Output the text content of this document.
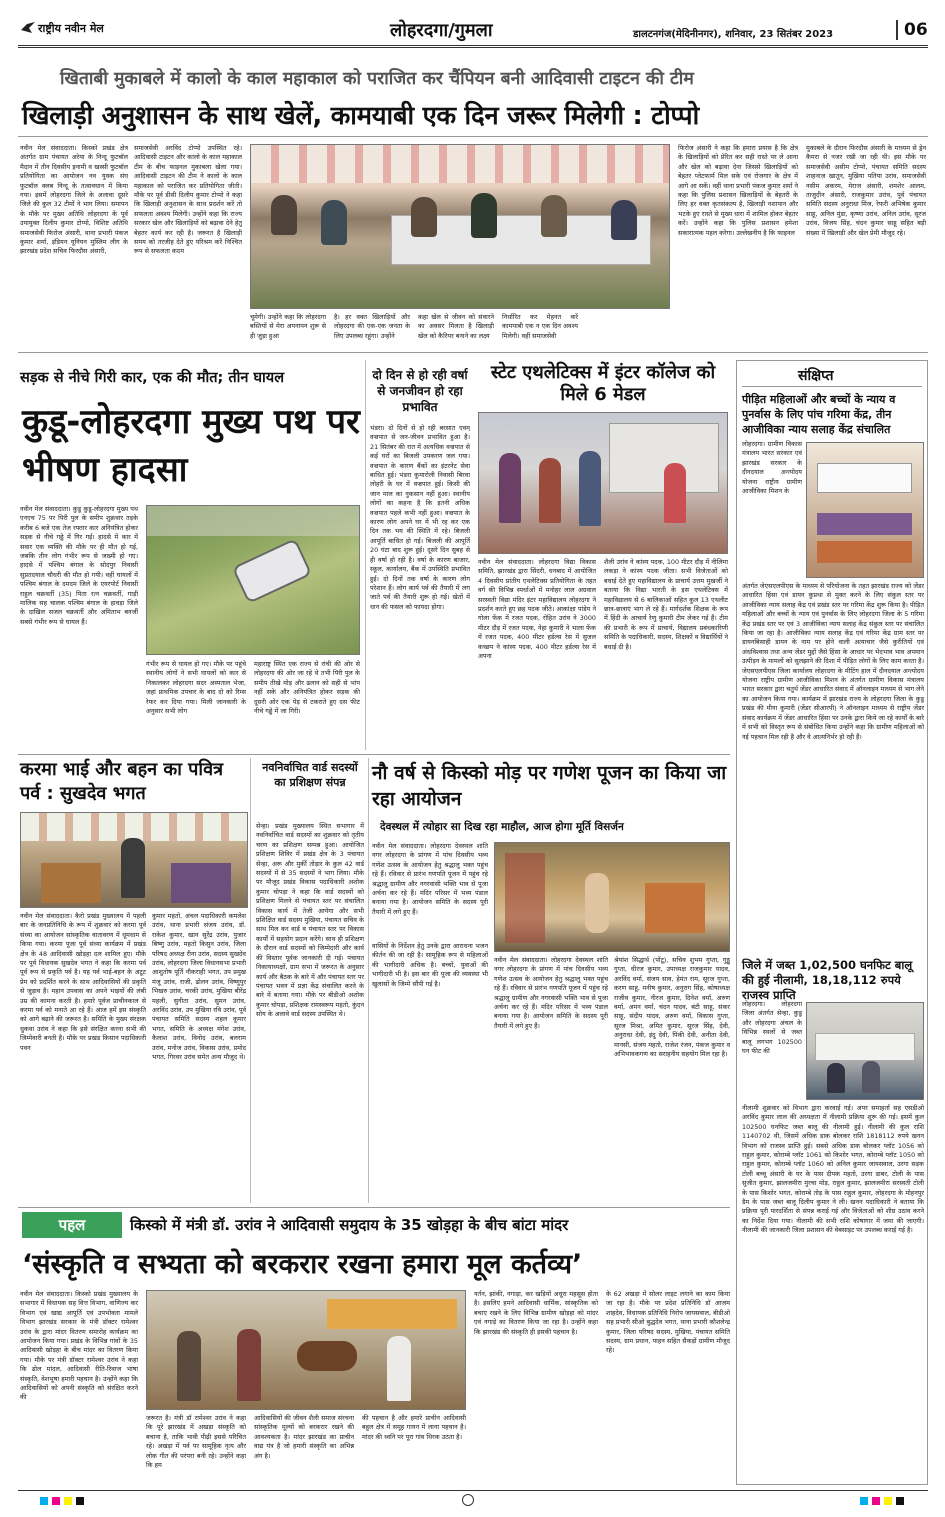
राष्ट्रीय नवीन मेल	लोहरदगा/गुमला	डालटनगंज(मेदिनीनगर), शनिवार, 23 सितंबर 2023	06
खिताबी मुकाबले में कालो के काल महाकाल को पराजित कर चैंपियन बनी आदिवासी टाइटन की टीम
खिलाड़ी अनुशासन के साथ खेलें, कामयाबी एक दिन जरूर मिलेगी : टोप्पो
नवीन मेल संवाददाता। किस्को प्रखंड क्षेत्र अंतर्गत ग्राम पंचायत अरेया के निन्दू फुटबॉल मैदान में तीन दिवसीय इनामी व खस्सी फुटबॉल प्रतियोगिता का आयोजन नव युवक संघ फुटबॉल क्लब निन्दू के तत्वावधान में किया गया। इसमें लोहरदगा जिले के अलावा दूसरे जिले की कुल 32 टीमों ने भाग लिया। समापन के मौके पर मुख्य अतिथि लोहरदगा के पूर्व उपायुक्त दिलीप कुमार टोप्पो, विशिष्ट अतिथि समाजसेवी फिरोज अंसारी, थाना प्रभारी पंकज कुमार शर्मा, इंडियन यूनियन मुस्लिम लीग के झारखंड प्रदेश सचिव फिरदौस अंसारी,
समाजसेवी अरविंद टोप्पो उपस्थित रहे। आदिवासी टाइटन और कालो के काल महाकाल टीम के बीच फाइनल मुकाबला खेला गया। आदिवासी टाइटन की टीम ने कालो के काल महाकाल को पराजित कर प्रतियोगिता जीती। मौके पर पूर्व डीसी दिलीप कुमार टोप्पो ने कहा कि खिलाड़ी अनुशासन के साथ प्रदर्शन करें तो सफलता अवश्य मिलेगी। उन्होंने कहा कि राज्य सरकार खेल और खिलाड़ियों को बढ़ावा देने हेतु बेहतर कार्य कर रही है। जरूरत है खिलाड़ी समय को तरजीह देते हुए परिश्रम करें निश्चित रूप से सफलता कदम
चूमेगी। उन्होंने कहा कि लोहरदगा बस्तियों से मेरा अपनापन शुरू से ही जुड़ा हुआ
है। हर वक्त खिलाड़ियों और लोहरदगा की एक-एक जनता के लिए उपलब्ध रहूंगा। उन्होंने
कहा खेल से जीवन को संवारने का अवसर मिलता है खिलाड़ी खेल को कैरियर बनाने का लक्ष्य
निर्धारित कर मेहनत करें कामयाबी एक न एक दिन अवश्य मिलेगी। वहीं समाजसेवी
फिरोज अंसारी ने कहा कि हमारा प्रयास है कि क्षेत्र के खिलाड़ियों को प्रेरित कर सही रास्ते पर ले आना और खेल को बढ़ावा देना जिससे खिलाड़ियों को बेहतर प्लेटफार्म मिल सके एवं रोजगार के क्षेत्र में आगे आ सकें। वहीं थाना प्रभारी पंकज कुमार शर्मा ने कहा कि पुलिस प्रशासन खिलाड़ियों के बेहतरी के लिए हर वक्त कृतसंकल्प है, खिलाड़ी नशापान और भटके हुए रास्ते से मुख्य धारा में शामिल होकर बेहतर करें। उन्होंने कहा कि पुलिस प्रशासन हमेशा सकारात्मक पहल करेगा। उल्लेखनीय है कि फाइनल
मुकाबले के दौरान फिरदौस अंसारी के माध्यम से ड्रेन कैमरा से नजर रखी जा रही थी। इस मौके पर समाजसेवी असीम टोप्पो, पंचायत समिति सदस्य शाहनाज खातून, मुखिया पतिया उरांव, समाजसेवी नसीम अकरम, मेराज अंसारी, शमशेर आलम, ताजुदीन अंसारी, राजकुमार उरांव, पूर्व पंचायत समिति सदस्य अनुराधा मिंज, रेफरी अभिषेक कुमार साहू, अनिल मुंडा, कृष्णा उरांव, अनिल उरांव, सूरज उरांव, विजय सिंह, चंदन कुमार साहू सहित बड़ी संख्या में खिलाड़ी और खेल प्रेमी मौजूद रहे।
सड़क से नीचे गिरी कार, एक की मौत; तीन घायल
कुडू-लोहरदगा मुख्य पथ पर भीषण हादसा
नवीन मेल संवाददाता। कुडू कुडू-लोहरदगा मुख्य पथ एनएच 75 पर पिरी पुल के समीप शुक्रवार तड़के करीब 6 बजे एक तेज रफ्तार कार अनियंत्रित होकर सड़क से नीचे गढ्ढे में गिर गई। हादसे में कार में सवार एक व्यक्ति की मौके पर ही मौत हो गई, जबकि तीन लोग गंभीर रूप से जख्मी हो गए। हादसे में पश्चिम बंगाल के सोदपुर निवासी सुप्रतदयाल चौधरी की मौत हो गयी। वहीं घायलों में पश्चिम बंगाल के दमदम जिले के एयरपोर्ट निवासी राहुल चक्रवर्ती (35) पिता रत्न चक्रवर्ती, गाड़ी मालिक सह चालक पश्चिम बंगाल के हावड़ा जिले के दाखिल सजल चक्रवर्ती और अमिताभ बनर्जी सबसे गंभीर रूप से घायल हैं।
गंभीर रूप से घायल हो गए। मौके पर पहुंचे स्थानीय लोगों ने सभी घायलों को कार से निकालकर लोहरदगा सदर अस्पताल भेजा, जहां प्राथमिक उपचार के बाद दो को रिम्स रेफर कर दिया गया। मिली जानकारी के अनुसार सभी लोग
महाराष्ट्र स्थित एक राज्य से रांची की ओर से लोहरदगा की ओर जा रहे थे तभी पिरी पुल के समीप तीखे मोड़ और ढलान को सही से भांप नहीं सके और अनियंत्रित होकर सड़क की दूसरी ओर एक पेड़ से टकराते हुए दस फीट नीचे गढ्ढे में जा गिरी।
दो दिन से हो रही वर्षा से जनजीवन हो रहा प्रभावित
भंडरा। दो दिनों से हो रही बरसात एवम् वज्रपात से जन-जीवन प्रभावित हुआ है। 21 सितंबर की रात में अत्यधिक वज्रपात से कई घरों का बिजली उपकरण जल गया। वज्रपात के कारण बैंकों का इंटरनेट सेवा बाधित हुई। भंडरा कुमारोली निवासी बिरवा लोहरी के घर में वज्रपात हुई। किसी की जान माल का नुकसान नहीं हुआ। स्थानीय लोगों का कहना है कि इतनी अधिक वज्रपात पहले कभी नहीं हुआ। वज्रपात के कारण लोग अपने घर में भी रह कर एक दिन तक भय की स्थिति में रहे। बिजली आपूर्ति बाधित हो गई। बिजली की आपूर्ति 20 घंटा बाद शुरू हुई। दूसरे दिन सुबह से ही वर्षा हो रही है। वर्षा के कारण बाजार, स्कूल, कार्यालय, बैंक में उपस्थिति प्रभावित हुई। दो दिनों तक वर्षा के कारण लोग परेशान हैं। लोग कार्य पर्व की तैयारी में लग जाते पर्व की तैयारी शुरू हो गई। खेतों में धान की फसल को फायदा होगा।
स्टेट एथलेटिक्स में इंटर कॉलेज को मिले 6 मेडल
नवीन मेल संवाददाता। लोहरदगा विद्या विकास समिति, झारखंड द्वारा सिंदरी, धनबाद में आयोजित 4 दिवसीय प्रांतीय एथलेटिक्स प्रतियोगिता के तहत वर्ग की विभिन्न स्पर्धाओं में मनोहर लाल अग्रवाल सरस्वती विद्या मंदिर इंटर महाविद्यालय लोहरदगा ने प्रदर्शन करते हुए छह पदक जीते। आकांक्षा पांडेय ने गोला फेंक में रजत पदक, रोहित उरांव ने 3000 मीटर दौड़ में रजत पदक, नेहा कुमारी ने भाला फेंक में रजत पदक, 400 मीटर हर्डल्स रेस में सुजल कच्छप ने कांस्य पदक, 400 मीटर हर्डल्स रेस में अपना
शैली उरांव ने कांस्य पदक, 100 मीटर दौड़ में नीलिमा लकड़ा ने कांस्य पदक जीता। सभी विजेताओं को बधाई देते हुए महाविद्यालय के प्राचार्य उत्तम मुखर्जी ने बताया कि विद्या भारती के इस एथलेटिक्स में महाविद्यालय से 6 बालिकाओं सहित कुल 13 एथलीट छात्र-छात्राएं भाग ले रहे हैं। मार्गदर्शक शिक्षक के रूप में हिंदी के आचार्य रेणु कुमारी टीम लेकर गई हैं। टीम की प्रभारी के रूप में प्राचार्य, विद्यालय प्रबंधकारिणी समिति के पदाधिकारी, सदस्य, शिक्षकों व विद्यार्थियों ने बधाई दी है।
संक्षिप्त
पीड़ित महिलाओं और बच्चों के न्याय व पुनर्वास के लिए पांच गरिमा केंद्र, तीन आजीविका न्याय सलाह केंद्र संचालित
लोहरदगा। ग्रामीण विकास मंत्रालय भारत सरकार एवं झारखंड सरकार के दीनदयाल अन्त्योदय योजना राष्ट्रीय ग्रामीण आजीविका मिशन के
अंतर्गत जेएसएलपीएस के माध्यम से परियोजना के तहत झारखंड राज्य को जेंडर आधारित हिंसा एवं डायन कुप्रथा से मुक्त करने के लिए संकुल स्तर पर आजीविका न्याय सलाह केंद्र एवं प्रखंड स्तर पर गरिमा केंद्र शुरू किया है। पीड़ित महिलाओं और बच्चों के न्याय एवं पुनर्वास के लिए लोहरदगा जिला के 5 गरिमा केंद्र प्रखंड स्तर पर एवं 3 आजीविका न्याय सलाह केंद्र संकुल स्तर पर संचालित किया जा रहा है। आजीविका न्याय सलाह केंद्र एवं गरिमा केंद्र ग्राम स्तर पर डायनबिसाही डायन के नाम पर होने वाली अत्याचार जैसे कुरीतियों एवं अंधविश्वास तथा अन्य जेंडर मुद्दों जैसे हिंसा के आधार पर भेदभाव भाव अपमान उत्पीड़न के मामलों को सुलझाने की दिशा में पीड़ित लोगों के लिए काम करता है। जेएसएलपीएस जिला कार्यालय लोहरदगा के मीटिंग हाल में दीनदयाल अन्त्योदय योजना राष्ट्रीय ग्रामीण आजीविका मिशन के अंतर्गत ग्रामीण विकास मंत्रालय भारत सरकार द्वारा चतुर्थ जेंडर आधारित संवाद में ऑनलाइन माध्यम से भाग लेने का आयोजन किया गया। कार्यक्रम में झारखंड राज्य के लोहरदगा जिला के कुडू प्रखंड की मीना कुमारी (जेंडर सीआरपी) ने ऑनलाइन माध्यम से राष्ट्रीय जेंडर संवाद कार्यक्रम में जेंडर आधारित हिंसा पर उनके द्वारा किये जा रहे कार्यों के बारे में सभी को विस्तृत रूप से संबोधित किया उन्होंने कहा कि ग्रामीण महिलाओं को नई पहचान मिल रही है और वे आत्मनिर्भर हो रही हैं।
जिले में जब्त 1,02,500 घनफिट बालू की हुई नीलामी, 18,18,112 रुपये राजस्व प्राप्ति
लोहरदगा। लोहरदगा जिला अंतर्गत सेन्हा, कुडू और लोहरदगा अंचल के विभिन्न स्थलों से जब्त बालू लगभग 102500 घन फीट की
नीलामी शुक्रवार को विभाग द्वारा करवाई गई। अपर समाहर्ता सह एसडीओ अरविंद कुमार लाल की अध्यक्षता में नीलामी प्रक्रिया शुरू की गई। इसमें कुल 102500 घनफिट जब्त बालू की नीलामी हुई। नीलामी की कुल राशि 1140702 थी, जिसमें अधिक डाक बोलकर राशि 1818112 रुपये खनन विभाग को राजस्व प्राप्ति हुई। सबसे अधिक डाक बोलकर प्लॉट 1056 को राहुल कुमार, कोराम्बे प्लॉट 1061 को किशोर भगत, कोराम्बे प्लॉट 1050 को राहुल कुमार, कोराम्बे प्लॉट 1060 को अनिल कुमार जायसवाल, उरगा सड़क टोली बच्चू अंसारी के घर के पास दीपक महतो, उरगा डाबर, टोली के पास सुजीत कुमार, झालजमीरा मुरचा मोड़, राहुल कुमार, झालजमीरा सरस्वती टोली के पास किशोर भगत, कोराम्बे तोड़ के पास राहुल कुमार, लोहरदगा के मोहनपुर डैम के पास जब्त बालू दिलीप कुमार ने ली। खनन पदाधिकारी ने बताया कि प्रक्रिया पूरी पारदर्शिता से संपन्न कराई गई और विजेताओं को शीघ्र उठाव करने का निर्देश दिया गया। नीलामी की सभी राशि कोषागार में जमा की जाएगी। नीलामी की जानकारी जिला प्रशासन की वेबसाइट पर उपलब्ध कराई गई है।
करमा भाई और बहन का पवित्र पर्व : सुखदेव भगत
नवीन मेल संवाददाता। कैरो प्रखंड मुख्यालय में पहली बार के जनप्रतिनिधि के रूप में शुक्रवार को करमा पूर्व संध्या का आयोजन सांस्कृतिक वातावरण में धूमधाम से किया गया। करमा पूजा पूर्व संध्या कार्यक्रम में प्रखंड क्षेत्र के 48 आदिवासी खोड़हा दल शामिल हुए। मौके पर पूर्व विधायक सुखदेव भगत ने कहा कि करमा पर्व पूर्व रूप से प्रकृति पर्व है। यह पर्व भाई-बहन के अटूट प्रेम को प्रदर्शित करने के साथ आदिवासियों की प्रकृति से जुड़ाव है। महान उपवास का अपने भाइयों की लंबी उम्र की कामना करती है। हमारे पूर्वज प्राचीनकाल से करमा पर्व को मनाते आ रहे हैं। आज हमें इस संस्कृति को आगे बढ़ाने की जरूरत है। समिति के मुख्य संरक्षक धुकवा उरांव ने कहा कि इसे संरक्षित करना सभी की जिम्मेवारी बनती है। मौके पर प्रखंड किसान पदाधिकारी पवन
नवनिर्वाचित वार्ड सदस्यों का प्रशिक्षण संपन्न
कुमार महतो, अंचल पदाधिकारी कमलेश उरांव, थाना प्रभारी संजय उरांव, डॉ. राकेश कुमार, खान सुरेंद्र उरांव, पुजार बिष्णु उरांव, महतो किसुन उरांव, जिला परिषद अध्यक्ष रीना उरांव, सदस्य सुखदेव उरांव, लोहरदगा जिला विधानसभा प्रभारी आशुतोष पूर्ति नौकराही भगत, उप प्रमुख मंजू उरांव, राजी, ढोलन उरांव, विष्णुपुर भिखरु उरांव, चरकी उरांव, मुखिया बीरेंद्र महली, सुनीता उरांव, सुमन उरांव, अरविंद उरांव, उप मुखिया रवि उरांव, पूर्व पंचायत समिति सदस्य शहल कुमार भगत, समिति के अध्यक्ष मंगेश उरांव, कैलाश उरांव, विनोद उरांव, बलराम उरांव, मनोज उरांव, विकास उरांव, प्रमोद भगत, गिरवर उरांव समेत अन्य मौजूद थे।
सेन्हा। प्रखंड मुख्यालय स्थित सभागार में नवनिर्वाचित वार्ड सदस्यों का शुक्रवार को तृतीय चरण का प्रशिक्षण सम्पन्न हुआ। आयोजित प्रशिक्षण शिविर में प्रखंड क्षेत्र के 3 पंचायत सेन्हा, अरू और मुर्की तोड़ार के कुल 42 वार्ड सदस्यों में से 35 सदस्यों ने भाग लिया। मौके पर मौजूद प्रखंड विकास पदाधिकारी अशोक कुमार चोपड़ा ने कहा कि वार्ड सदस्यों को प्रशिक्षण मिलने से पंचायत स्तर पर संचालित विकास कार्य में तेजी आयेगा और सभी प्रशिक्षित वार्ड सदस्य मुखिया, पंचायत सचिव के साथ मिल कर वार्ड व पंचायत स्तर पर विकास कार्यों में सहयोग प्रदान करेंगे। साथ ही प्रशिक्षण के दौरान वार्ड सदस्यों को जिम्मेदारी और कार्य की विस्तार पूर्वक जानकारी दी गई। पंचायत निकायाध्यक्षों, ग्राम सभा में जरूरत के अनुसार कार्य और बैठक के बारे में और पंचायत स्तर पर पंचायत भवन में प्रज्ञा केंद्र संचालित करने के बारे में बताया गया। मौके पर बीडीओ अशोक कुमार चोपड़ा, प्रशिक्षक रामस्वरूप महतो, कुंदन सोय के अलावे वार्ड सदस्य उपस्थित थे।
नौ वर्ष से किस्को मोड़ पर गणेश पूजन का किया जा रहा आयोजन
देवस्थल में त्योहार सा दिख रहा माहौल, आज होगा मूर्ति विसर्जन
नवीन मेल संवाददाता। लोहरदगा देवस्थल शांति नगर लोहरदगा के प्रांगण में पांच दिवसीय भव्य गणेश उत्सव के आयोजन हेतु श्रद्धालु भक्त पहुंच रहे हैं। रविवार से प्रारंभ गणपति पूजन में पहुंच रहे श्रद्धालु ग्रामीण और नगरवासी भक्ति भाव से पूजा अर्चना कर रहे हैं। मंदिर परिसर में भव्य पंडाल बनाया गया है। आयोजन समिति के सदस्य पूरी तैयारी में लगे हुए हैं।
वासियों के निर्देशन हेतु उनके द्वारा आराधना भजन कीर्तन की जा रही है। सामूहिक रूप से महिलाओं की भागीदारी अधिक है। बच्चों, युवाओं की भागीदारी भी है। इस बार की पूजा की व्यवस्था भी खुलासों के जिम्मे सौंपी गई है।
श्रेयांश सिद्धार्थ (पोंटू), सचिव शुभम गुप्ता, गुड्डू गुप्ता, धीरज कुमार, उपाध्यक्ष राजकुमार यादव, अरविंद वर्मा, संजय साव, हेमंत राम, सूरज गुप्ता, करण साहू, मनीष कुमार, अनुराग सिंह, कोषाध्यक्ष राजीव कुमार, नीरज कुमार, दिनेश वर्मा, अरुण वर्मा, अमन वर्मा, चंदन यादव, बंटी साहू, संकर साहू, संदीप यादव, अरुण वर्मा, विकास गुप्ता, सूरज मिश्रा, अमित कुमार, सूरज सिंह, देवी, अनुराधा देवी, इंदु देवी, पिंकी देवी, अनीता देवी, मानसी, संजय महतो, राजेश रंजन, पंकज कुमार व अभिभावकगण का सराहनीय सहयोग मिल रहा है।
नवीन मेल संवाददाता। लोहरदगा देवस्थल शांति नगर लोहरदगा के प्रांगण में पांच दिवसीय भव्य गणेश उत्सव के आयोजन हेतु श्रद्धालु भक्त पहुंच रहे हैं। रविवार से प्रारंभ गणपति पूजन में पहुंच रहे श्रद्धालु ग्रामीण और नगरवासी भक्ति भाव से पूजा अर्चना कर रहे हैं। मंदिर परिसर में भव्य पंडाल बनाया गया है। आयोजन समिति के सदस्य पूरी तैयारी में लगे हुए हैं।
पहल	किस्को में मंत्री डॉ. उरांव ने आदिवासी समुदाय के 35 खोड़हा के बीच बांटा मांदर
‘संस्कृति व सभ्यता को बरकरार रखना हमारा मूल कर्तव्य’
नवीन मेल संवाददाता। किस्को प्रखंड मुख्यालय के सभागार में विधायक सह वित्त विभाग, वाणिज्य कर विभाग एवं खाद्य आपूर्ति एवं उपभोक्ता मामले विभाग झारखंड सरकार के मंत्री डॉक्टर रामेश्वर उरांव के द्वारा मांदर वितरण समारोह कार्यक्रम का आयोजन किया गया। प्रखंड के विभिन्न गांवों के 35 आदिवासी खोड़हा के बीच मांदर का वितरण किया गया। मौके पर मंत्री डॉक्टर रामेश्वर उरांव ने कहा कि ढोल मांदल, आदिवासी रीति-रिवाज भाषा संस्कृति, वेशभूषा हमारी पहचान है। उन्होंने कहा कि आदिवासियों को अपनी संस्कृति को संरक्षित करने की
जरूरत है। मंत्री डॉ रामेश्वर उरांव ने कहा कि पूरे झारखंड में अखड़ा संस्कृति को बचाना है, ताकि भावी पीढ़ी इससे परिचित रहे। अखड़ा में पर्व पर सामूहिक नृत्य और लोक गीत की परंपरा बनी रहे। उन्होंने कहा कि हम
आदिवासियों की जीवन शैली समाज संरचना सांस्कृतिक मूल्यों को बरकरार रखने की आवश्यकता है। मांदर झारखंड का प्राचीन वाद्य यंत्र है जो हमारी संस्कृति का अभिन्न अंग है।
की पहचान है और हमारे प्राचीन आदिवासी बहुल क्षेत्र में समूह गायन में लाना पहचान है। मांदर की ध्वनि पर पूरा गांव थिरक उठता है।
नर्तन, झांकी, नगाड़ा, कर खड़ियों अधूरा महसूस होता है। इसलिए हमने आदिवासी धार्मिक, सांस्कृतिक को बचाए रखने के लिए विभिन्न ग्रामीण खोड़हा को मांदर एवं नगाड़े का वितरण किया जा रहा है। उन्होंने कहा कि झारखंड की संस्कृति ही इसकी पहचान है।
के 62 अखड़ा में सोलर लाइट लगाने का काम किया जा रहा है। मौके पर प्रदेश प्रतिनिधि डॉ आजम शाहदेव, विधायक प्रतिनिधि निरोप जायसवाल, बीडीओ सह प्रभारी सीओ बुद्धदेव भगत, थाना प्रभारी कौशलेन्द्र कुमार, जिला परिषद सदस्य, मुखिया, पंचायत समिति सदस्य, ग्राम प्रधान, पाहन सहित सैकड़ों ग्रामीण मौजूद रहे।
